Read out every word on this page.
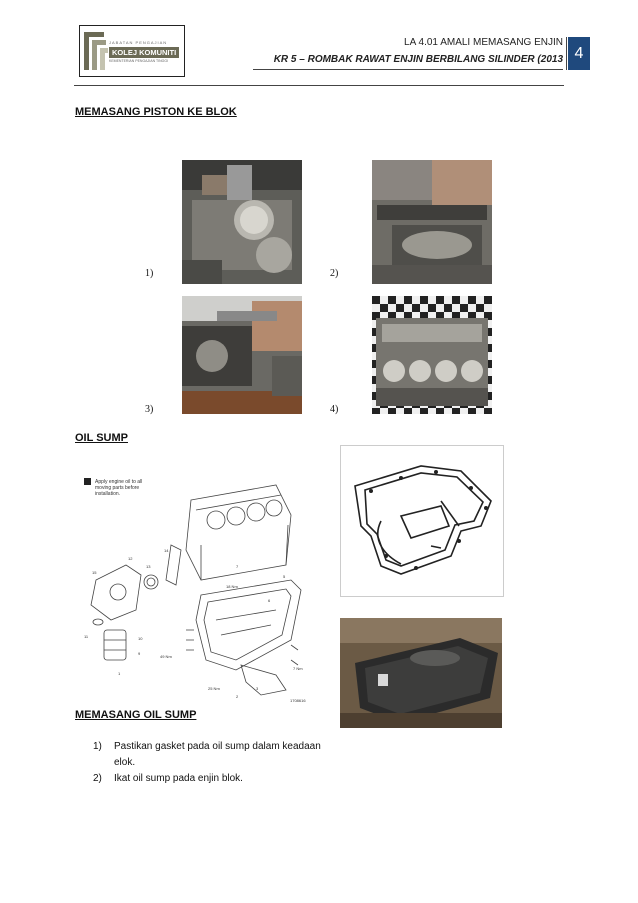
JABATAN PENGAJIAN
KOLEJ KOMUNITI
KEMENTERIAN PENGAJIAN TINGGI
LA 4.01 AMALI MEMASANG ENJIN
KR 5 – ROMBAK RAWAT ENJIN BERBILANG SILINDER (2013 4
MEMASANG PISTON KE BLOK
1)	2)
3)	4)
OIL SUMP
Apply engine oil to all moving parts before installation.
12
13
14
15
11	10
9
49 Nm
1
7
5
18 Nm
6
7 Nm
3
2
25 Nm
1708616
MEMASANG OIL SUMP
1)	Pastikan gasket pada oil sump dalam keadaan elok.
2)	Ikat oil sump pada enjin blok.
